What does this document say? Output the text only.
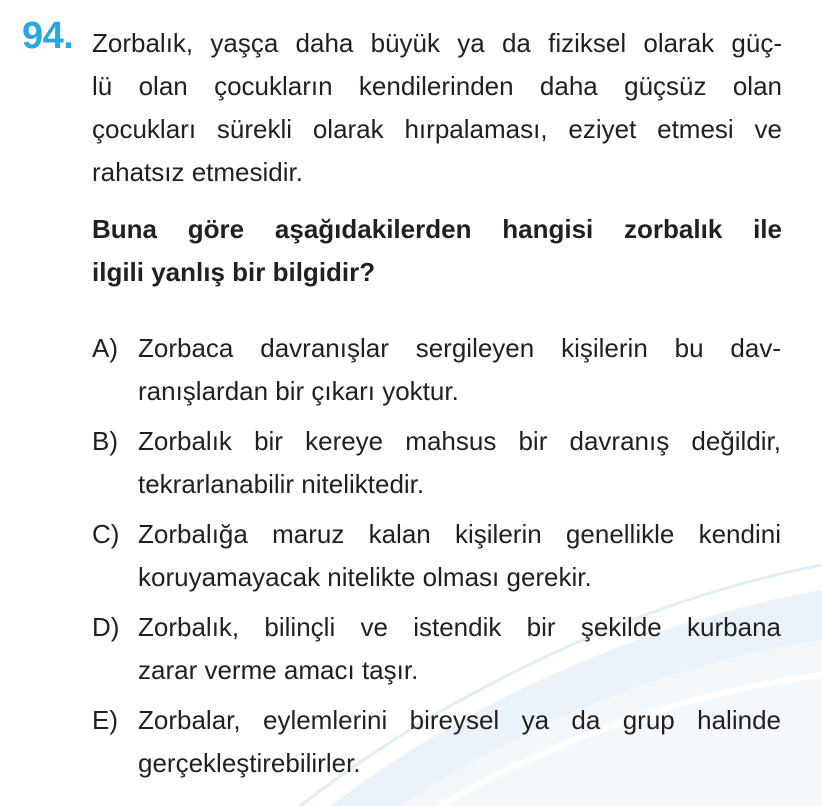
94. Zorbalık, yaşça daha büyük ya da fiziksel olarak güç-
lü olan çocukların kendilerinden daha güçsüz olan
çocukları sürekli olarak hırpalaması, eziyet etmesi ve
rahatsız etmesidir.
Buna göre aşağıdakilerden hangisi zorbalık ile
ilgili yanlış bir bilgidir?
A) Zorbaca davranışlar sergileyen kişilerin bu dav-
ranışlardan bir çıkarı yoktur.
B) Zorbalık bir kereye mahsus bir davranış değildir,
tekrarlanabilir niteliktedir.
C) Zorbalığa maruz kalan kişilerin genellikle kendini
koruyamayacak nitelikte olması gerekir.
D) Zorbalık, bilinçli ve istendik bir şekilde kurbana
zarar verme amacı taşır.
E) Zorbalar, eylemlerini bireysel ya da grup halinde
gerçekleştirebilirler.
